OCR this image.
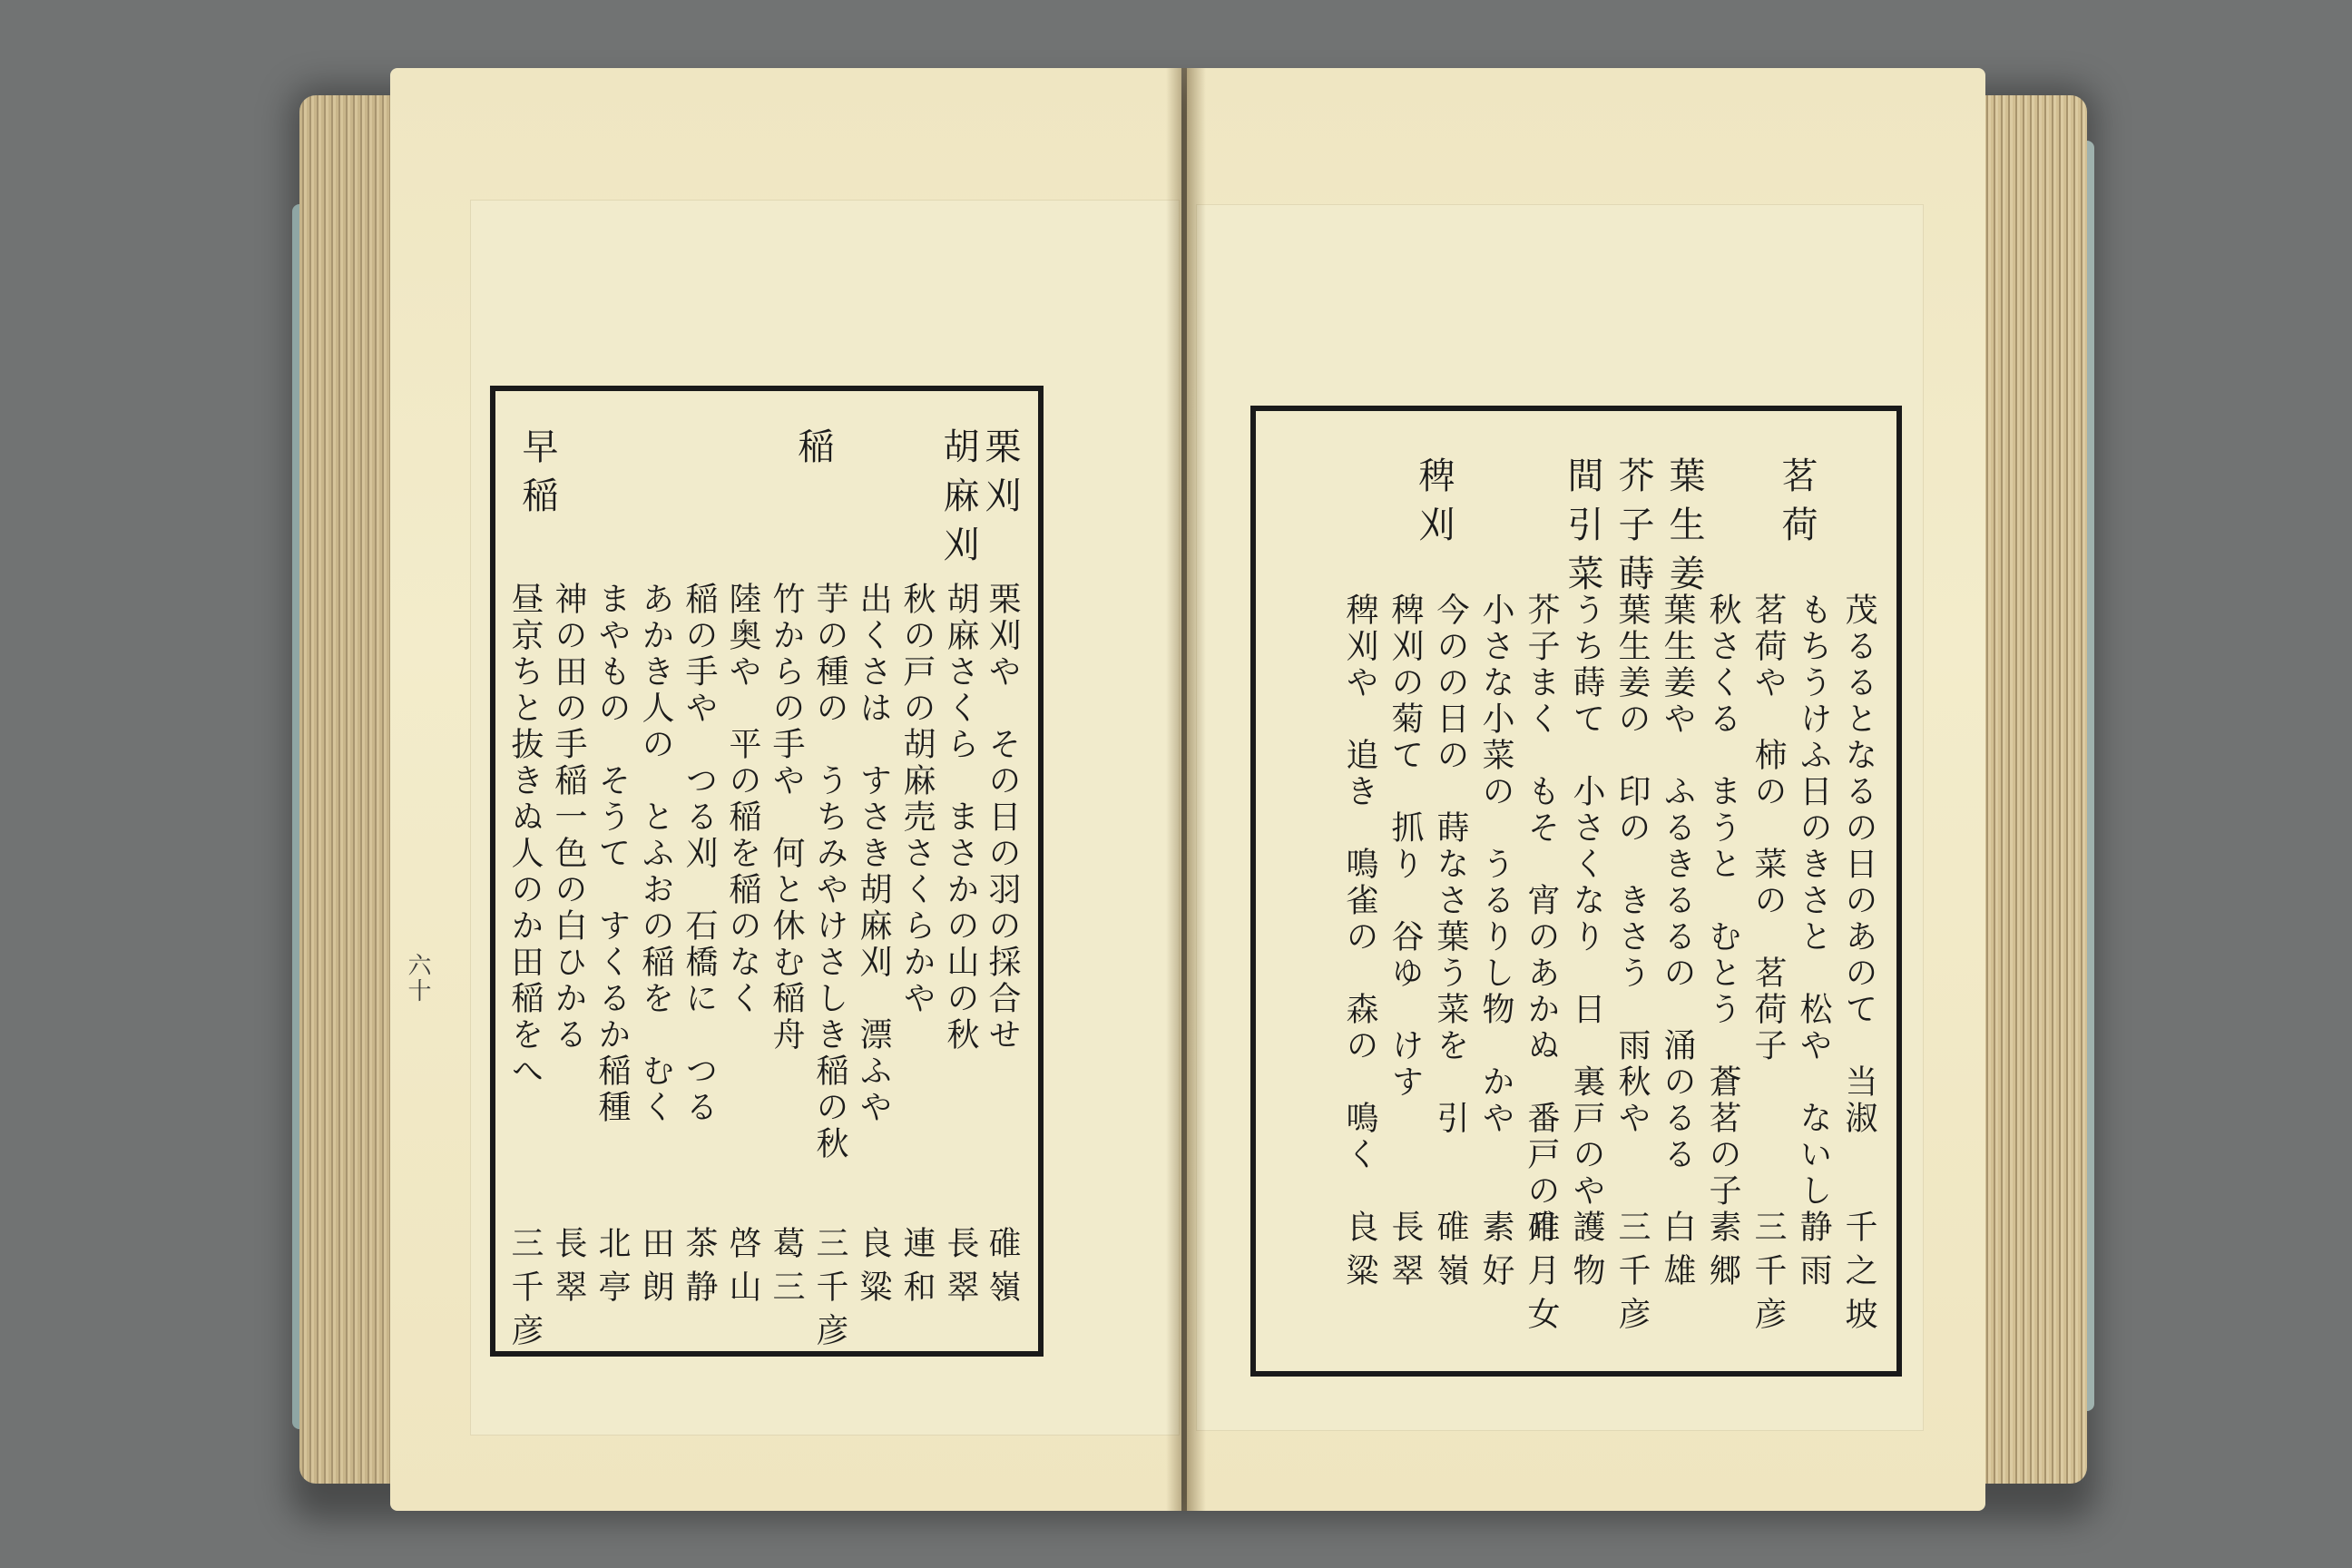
栗刈
胡麻刈
稲
早稲
栗刈や　その日の羽の採合せ
胡麻さくら　まさかの山の秋
秋の戸の胡麻売さくらかや
出くさは　すさき胡麻刈　漂ふや
芋の種の　うちみやけさしき稲の秋
竹からの手や　何と休む稲舟
陸奥や　平の稲を稲のなく
稲の手や　つる刈　石橋に　つる
あかき人の　とふおの稲を　むく
まやもの　そうて　すくるか稲種
神の田の手稲一色の白ひかる
昼京ちと抜きぬ人のか田稲をへ
碓嶺
長翠
連和
良粱
三千彦
葛三
啓山
茶静
田朗
北亭
長翠
三千彦
六十
茗荷
葉生姜
芥子蒔
間引菜
稗刈
茂るるとなるの日のあのて　当淑
もちうけふ日のきさと　松や　ないし
茗荷や　柿の　菜の　茗荷子
秋さくる　まうと　むとう　蒼茗の子
葉生姜や　ふるきるるの　涌のるる
葉生姜の　印の　きさう　雨秋や
うち蒔て　小さくなり　日　裏戸のや
芥子まく　もそ　宵のあかぬ　番戸の月
小さな小菜の　うるりし物　かや
今のの日の　蒔なさ葉う菜を　引
稗刈の菊て　抓り　谷ゆ　けす
稗刈や　追き　鳴雀の　森の　鳴く
千之坡
静雨
三千彦
素郷
白雄
三千彦
護物
碓月女
素好
碓嶺
長翠
良粱
